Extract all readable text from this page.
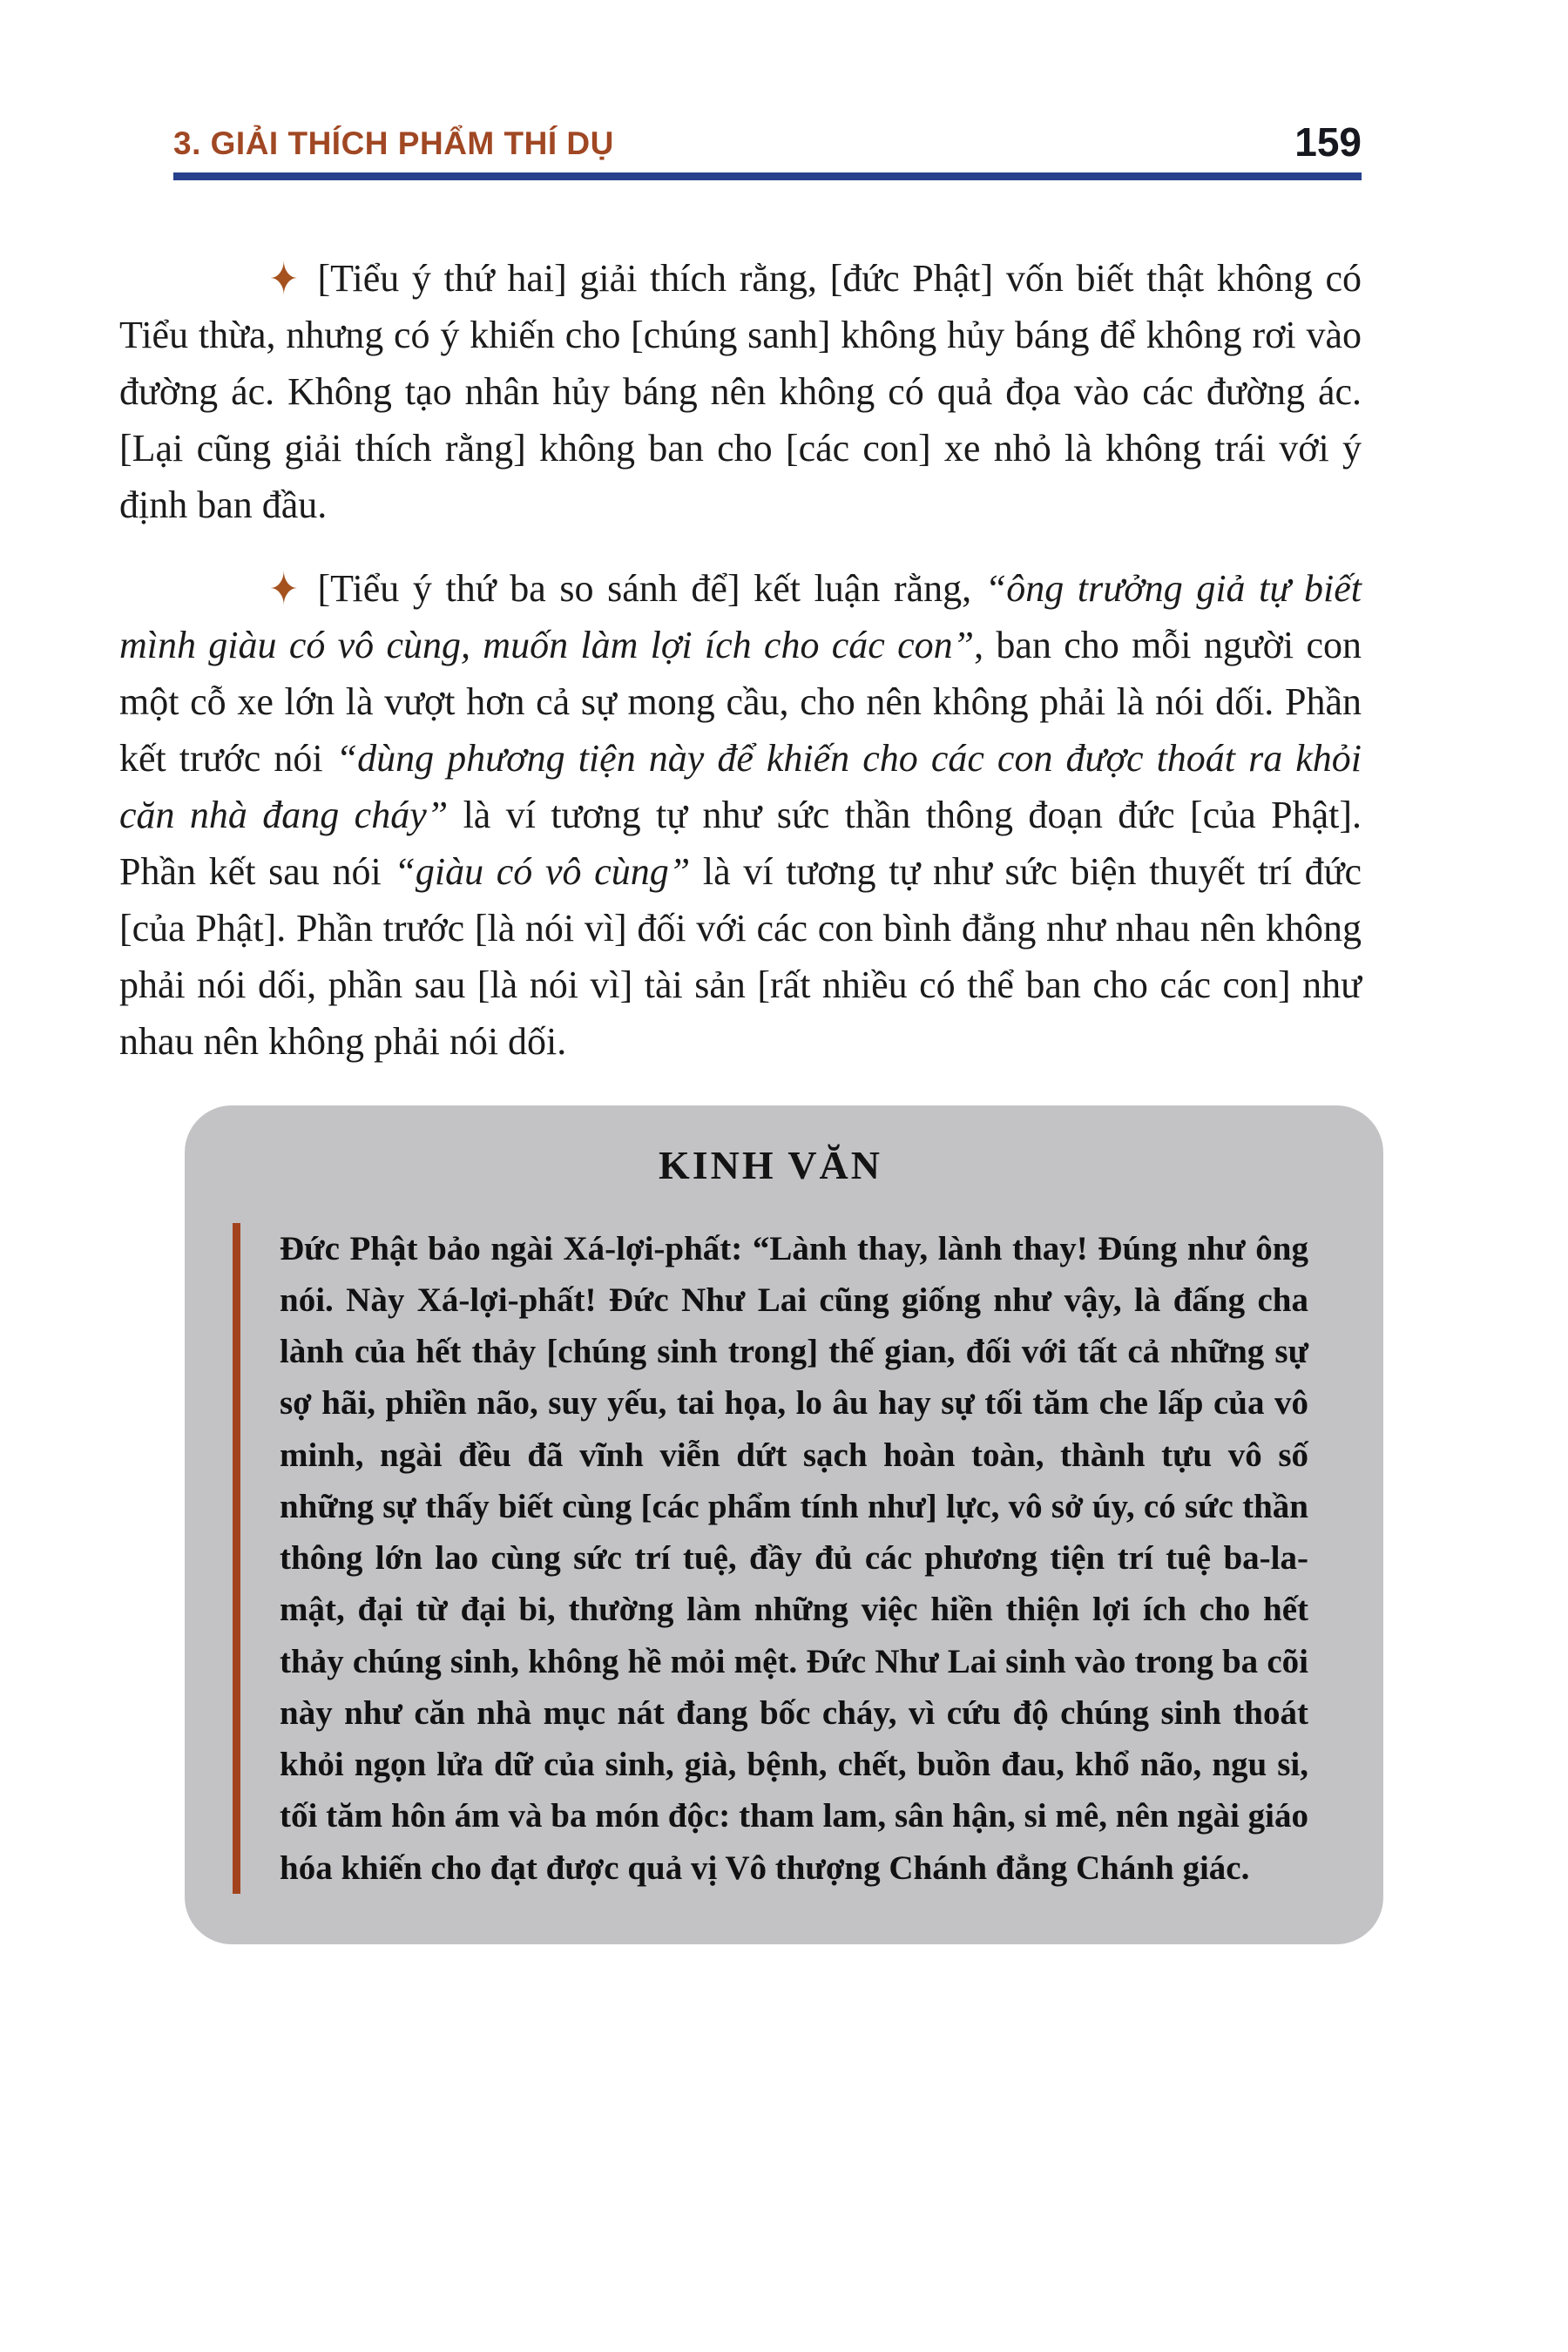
3. GIẢI THÍCH PHẨM THÍ DỤ	159

✦ [Tiểu ý thứ hai] giải thích rằng, [đức Phật] vốn biết thật không có Tiểu thừa, nhưng có ý khiến cho [chúng sanh] không hủy báng để không rơi vào đường ác. Không tạo nhân hủy báng nên không có quả đọa vào các đường ác. [Lại cũng giải thích rằng] không ban cho [các con] xe nhỏ là không trái với ý định ban đầu.

✦ [Tiểu ý thứ ba so sánh để] kết luận rằng, “ông trưởng giả tự biết mình giàu có vô cùng, muốn làm lợi ích cho các con”, ban cho mỗi người con một cỗ xe lớn là vượt hơn cả sự mong cầu, cho nên không phải là nói dối. Phần kết trước nói “dùng phương tiện này để khiến cho các con được thoát ra khỏi căn nhà đang cháy” là ví tương tự như sức thần thông đoạn đức [của Phật]. Phần kết sau nói “giàu có vô cùng” là ví tương tự như sức biện thuyết trí đức [của Phật]. Phần trước [là nói vì] đối với các con bình đẳng như nhau nên không phải nói dối, phần sau [là nói vì] tài sản [rất nhiều có thể ban cho các con] như nhau nên không phải nói dối.

KINH VĂN

Đức Phật bảo ngài Xá-lợi-phất: “Lành thay, lành thay! Đúng như ông nói. Này Xá-lợi-phất! Đức Như Lai cũng giống như vậy, là đấng cha lành của hết thảy [chúng sinh trong] thế gian, đối với tất cả những sự sợ hãi, phiền não, suy yếu, tai họa, lo âu hay sự tối tăm che lấp của vô minh, ngài đều đã vĩnh viễn dứt sạch hoàn toàn, thành tựu vô số những sự thấy biết cùng [các phẩm tính như] lực, vô sở úy, có sức thần thông lớn lao cùng sức trí tuệ, đầy đủ các phương tiện trí tuệ ba-la-mật, đại từ đại bi, thường làm những việc hiền thiện lợi ích cho hết thảy chúng sinh, không hề mỏi mệt. Đức Như Lai sinh vào trong ba cõi này như căn nhà mục nát đang bốc cháy, vì cứu độ chúng sinh thoát khỏi ngọn lửa dữ của sinh, già, bệnh, chết, buồn đau, khổ não, ngu si, tối tăm hôn ám và ba món độc: tham lam, sân hận, si mê, nên ngài giáo hóa khiến cho đạt được quả vị Vô thượng Chánh đẳng Chánh giác.
